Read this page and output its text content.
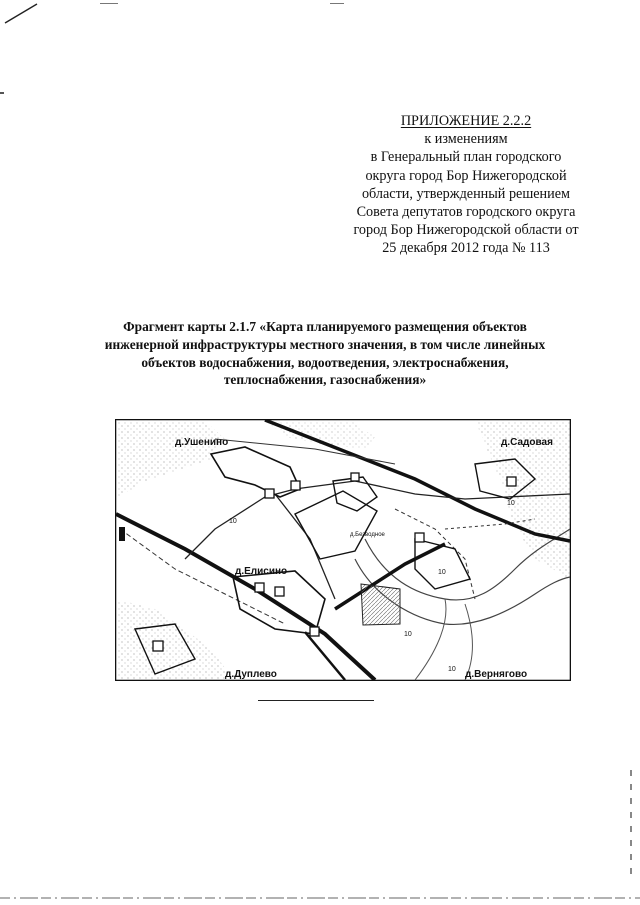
ПРИЛОЖЕНИЕ 2.2.2
к изменениям
в Генеральный план городского
округа город Бор Нижегородской
области, утвержденный решением
Совета депутатов городского округа
город Бор Нижегородской области от
25 декабря 2012 года № 113
Фрагмент карты 2.1.7 «Карта планируемого размещения объектов
инженерной инфраструктуры местного значения, в том числе линейных
объектов водоснабжения, водоотведения, электроснабжения,
теплоснабжения, газоснабжения»
д.Ушенино	д.Садовая
д.Безводное
д.Елисино
д.Дуплево	д.Вернягово
10
10
10
10
10
